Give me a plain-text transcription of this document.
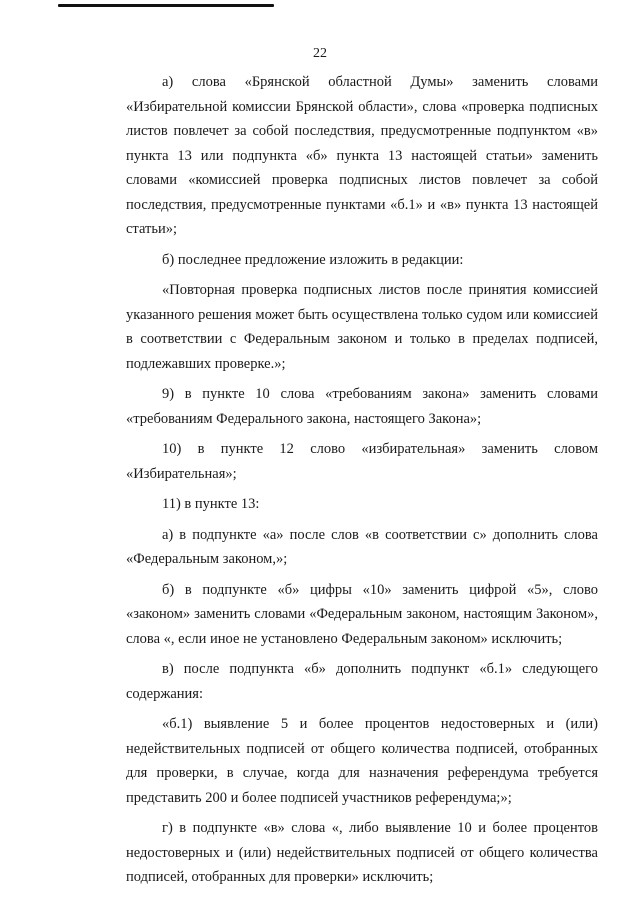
22

а) слова «Брянской областной Думы» заменить словами «Избирательной комиссии Брянской области», слова «проверка подписных листов повлечет за собой последствия, предусмотренные подпунктом «в» пункта 13 или подпункта «б» пункта 13 настоящей статьи» заменить словами «комиссией проверка подписных листов повлечет за собой последствия, предусмотренные пунктами «б.1» и «в» пункта 13 настоящей статьи»;

б) последнее предложение изложить в редакции:

«Повторная проверка подписных листов после принятия комиссией указанного решения может быть осуществлена только судом или комиссией в соответствии с Федеральным законом и только в пределах подписей, подлежавших проверке.»;

9) в пункте 10 слова «требованиям закона» заменить словами «требованиям Федерального закона, настоящего Закона»;

10) в пункте 12 слово «избирательная» заменить словом «Избирательная»;

11) в пункте 13:

а) в подпункте «а» после слов «в соответствии с» дополнить слова «Федеральным законом,»;

б) в подпункте «б» цифры «10» заменить цифрой «5», слово «законом» заменить словами «Федеральным законом, настоящим Законом», слова «, если иное не установлено Федеральным законом» исключить;

в) после подпункта «б» дополнить подпункт «б.1» следующего содержания:

«б.1) выявление 5 и более процентов недостоверных и (или) недействительных подписей от общего количества подписей, отобранных для проверки, в случае, когда для назначения референдума требуется представить 200 и более подписей участников референдума;»;

г) в подпункте «в» слова «, либо выявление 10 и более процентов недостоверных и (или) недействительных подписей от общего количества подписей, отобранных для проверки» исключить;
